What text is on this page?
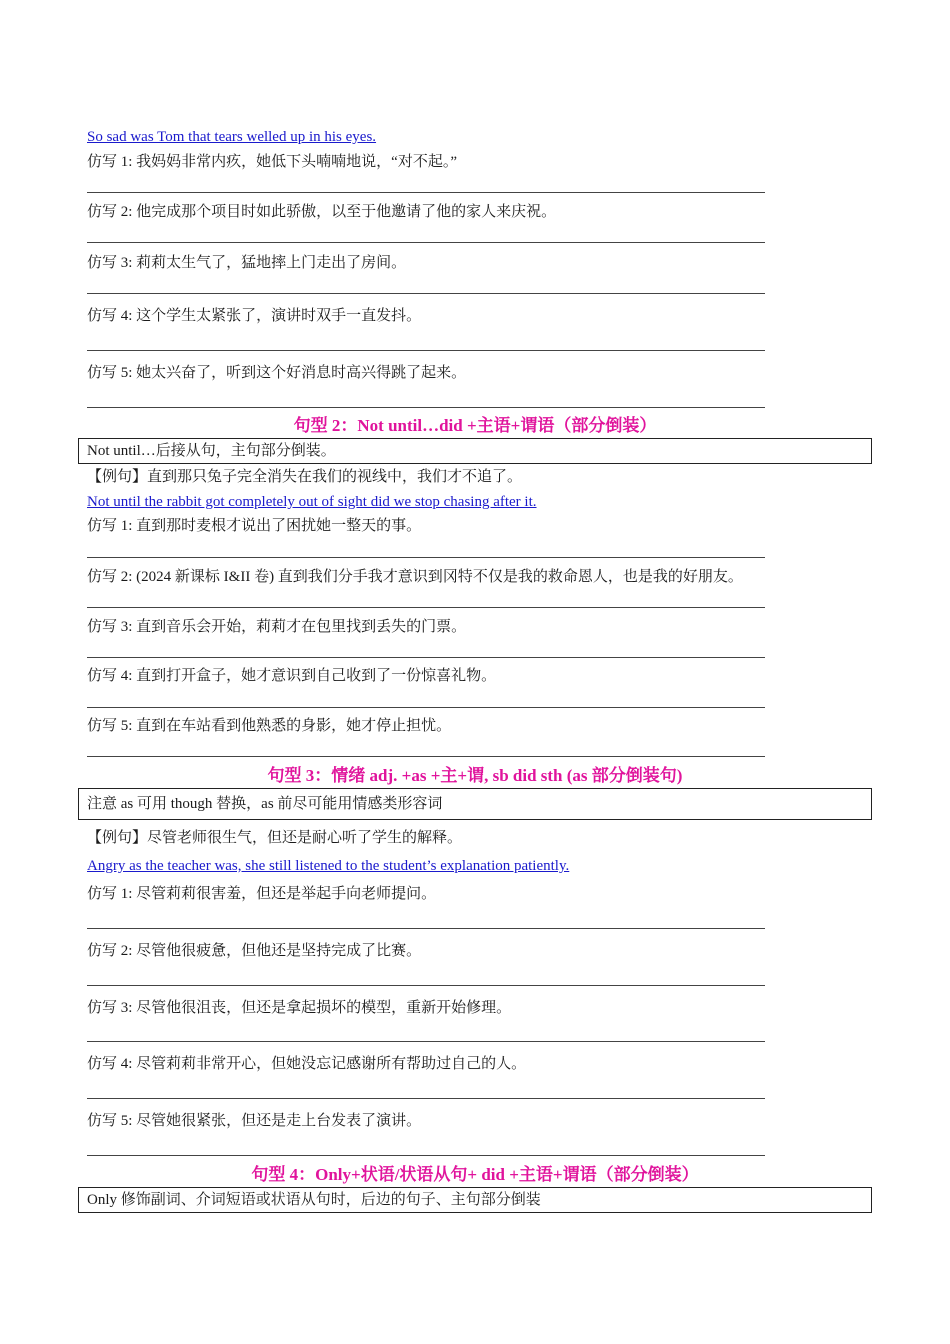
So sad was Tom that tears welled up in his eyes.
仿写 1: 我妈妈非常内疚，她低下头喃喃地说，“对不起。”
仿写 2: 他完成那个项目时如此骄傲，以至于他邀请了他的家人来庆祝。
仿写 3: 莉莉太生气了，猛地摔上门走出了房间。
仿写 4: 这个学生太紧张了，演讲时双手一直发抖。
仿写 5: 她太兴奋了，听到这个好消息时高兴得跳了起来。
句型 2：Not until…did +主语+谓语（部分倒装）
Not until…后接从句，主句部分倒装。
【例句】直到那只兔子完全消失在我们的视线中，我们才不追了。
Not until the rabbit got completely out of sight did we stop chasing after it.
仿写 1: 直到那时麦根才说出了困扰她一整天的事。
仿写 2: (2024 新课标 I&II 卷) 直到我们分手我才意识到冈特不仅是我的救命恩人，也是我的好朋友。
仿写 3: 直到音乐会开始，莉莉才在包里找到丢失的门票。
仿写 4: 直到打开盒子，她才意识到自己收到了一份惊喜礼物。
仿写 5: 直到在车站看到他熟悉的身影，她才停止担忧。
句型 3：情绪 adj. +as +主+谓, sb did sth (as 部分倒装句)
注意 as 可用 though 替换，as 前尽可能用情感类形容词
【例句】尽管老师很生气，但还是耐心听了学生的解释。
Angry as the teacher was, she still listened to the student’s explanation patiently.
仿写 1: 尽管莉莉很害羞，但还是举起手向老师提问。
仿写 2: 尽管他很疲惫，但他还是坚持完成了比赛。
仿写 3: 尽管他很沮丧，但还是拿起损坏的模型，重新开始修理。
仿写 4: 尽管莉莉非常开心，但她没忘记感谢所有帮助过自己的人。
仿写 5: 尽管她很紧张，但还是走上台发表了演讲。
句型 4：Only+状语/状语从句+ did +主语+谓语（部分倒装）
Only 修饰副词、介词短语或状语从句时，后边的句子、主句部分倒装
